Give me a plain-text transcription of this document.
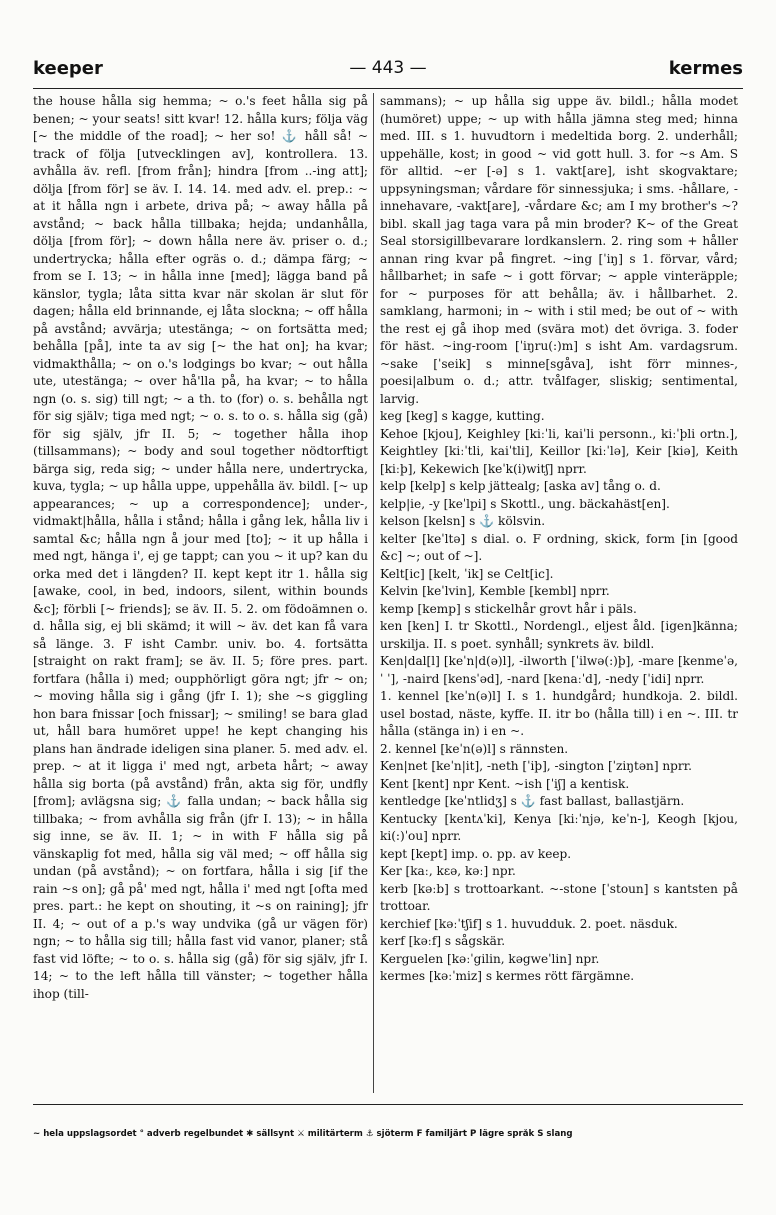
keeper	— 443 —	kermes

the house hålla sig hemma; ~ o.'s feet hålla sig på benen; ~ your seats! sitt kvar! 12. hålla kurs; följa väg [~ the middle of the road]; ~ her so! ⚓ håll så! ~ track of följa [utvecklingen av], kontrollera. 13. avhålla äv. refl. [from från]; hindra [from ..-ing att]; dölja [from för] se äv. I. 14. 14. med adv. el. prep.: ~ at it hålla ngn i arbete, driva på; ~ away hålla på avstånd; ~ back hålla tillbaka; hejda; undanhålla, dölja [from för]; ~ down hålla nere äv. priser o. d.; undertrycka; hålla efter ogräs o. d.; dämpa färg; ~ from se I. 13; ~ in hålla inne [med]; lägga band på känslor, tygla; låta sitta kvar när skolan är slut för dagen; hålla eld brinnande, ej låta slockna; ~ off hålla på avstånd; avvärja; utestänga; ~ on fortsätta med; behålla [på], inte ta av sig [~ the hat on]; ha kvar; vidmakthålla; ~ on o.'s lodgings bo kvar; ~ out hålla ute, utestänga; ~ over hå'lla på, ha kvar; ~ to hålla ngn (o. s. sig) till ngt; ~ a th. to (for) o. s. behålla ngt för sig själv; tiga med ngt; ~ o. s. to o. s. hålla sig (gå) för sig själv, jfr II. 5; ~ together hålla ihop (tillsammans); ~ body and soul together nödtorftigt bärga sig, reda sig; ~ under hålla nere, undertrycka, kuva, tygla; ~ up hålla uppe, uppehålla äv. bildl. [~ up appearances; ~ up a correspondence]; under-, vidmakt|hålla, hålla i stånd; hålla i gång lek, hålla liv i samtal &c; hålla ngn å jour med [to]; ~ it up hålla i med ngt, hänga i', ej ge tappt; can you ~ it up? kan du orka med det i längden? II. kept kept itr 1. hålla sig [awake, cool, in bed, indoors, silent, within bounds &c]; förbli [~ friends]; se äv. II. 5. 2. om födoämnen o. d. hålla sig, ej bli skämd; it will ~ äv. det kan få vara så länge. 3. F isht Cambr. univ. bo. 4. fortsätta [straight on rakt fram]; se äv. II. 5; före pres. part. fortfara (hålla i) med; oupphörligt göra ngt; jfr ~ on; ~ moving hålla sig i gång (jfr I. 1); she ~s giggling hon bara fnissar [och fnissar]; ~ smiling! se bara glad ut, håll bara humöret uppe! he kept changing his plans han ändrade ideligen sina planer. 5. med adv. el. prep. ~ at it ligga i' med ngt, arbeta hårt; ~ away hålla sig borta (på avstånd) från, akta sig för, undfly [from]; avlägsna sig; ⚓ falla undan; ~ back hålla sig tillbaka; ~ from avhålla sig från (jfr I. 13); ~ in hålla sig inne, se äv. II. 1; ~ in with F hålla sig på vänskaplig fot med, hålla sig väl med; ~ off hålla sig undan (på avstånd); ~ on fortfara, hålla i sig [if the rain ~s on]; gå på' med ngt, hålla i' med ngt [ofta med pres. part.: he kept on shouting, it ~s on raining]; jfr II. 4; ~ out of a p.'s way undvika (gå ur vägen för) ngn; ~ to hålla sig till; hålla fast vid vanor, planer; stå fast vid löfte; ~ to o. s. hålla sig (gå) för sig själv, jfr I. 14; ~ to the left hålla till vänster; ~ together hålla ihop (till-

sammans); ~ up hålla sig uppe äv. bildl.; hålla modet (humöret) uppe; ~ up with hålla jämna steg med; hinna med. III. s 1. huvudtorn i medeltida borg. 2. underhåll; uppehälle, kost; in good ~ vid gott hull. 3. for ~s Am. S för alltid. ~er [-ə] s 1. vakt[are], isht skogvaktare; uppsyningsman; vårdare för sinnessjuka; i sms. -hållare, -innehavare, -vakt[are], -vårdare &c; am I my brother's ~? bibl. skall jag taga vara på min broder? K~ of the Great Seal storsigillbevarare lordkanslern. 2. ring som + håller annan ring kvar på fingret. ~ing [ˈiŋ] s 1. förvar, vård; hållbarhet; in safe ~ i gott förvar; ~ apple vinteräpple; for ~ purposes för att behålla; äv. i hållbarhet. 2. samklang, harmoni; in ~ with i stil med; be out of ~ with the rest ej gå ihop med (svära mot) det övriga. 3. foder för häst. ~ing-room [ˈiŋru(:)m] s isht Am. vardagsrum. ~sake [ˈseik] s minne[sgåva], isht förr minnes-, poesi|album o. d.; attr. tvålfager, sliskig; sentimental, larvig.

keg [keg] s kagge, kutting.

Kehoe [kjou], Keighley [kiːˈli, kaiˈli personn., kiːˈþli ortn.], Keightley [kiːˈtli, kaiˈtli], Keillor [kiːˈlə], Keir [kiə], Keith [kiːþ], Kekewich [keˈk(i)witʃ] nprr.

kelp [kelp] s kelp jättealg; [aska av] tång o. d.

kelp|ie, -y [keˈlpi] s Skottl., ung. bäckahäst[en].

kelson [kelsn] s ⚓ kölsvin.

kelter [keˈltə] s dial. o. F ordning, skick, form [in [good &c] ~; out of ~].

Kelt[ic] [kelt, ˈik] se Celt[ic].

Kelvin [keˈlvin], Kemble [kembl] nprr.

kemp [kemp] s stickelhår grovt hår i päls.

ken [ken] I. tr Skottl., Nordengl., eljest åld. [igen]känna; urskilja. II. s poet. synhåll; synkrets äv. bildl.

Ken|dal[l] [keˈn|d(ə)l], -ilworth [ˈilwə(:)þ], -mare [kenmeˈə, ˈ ˈ], -naird [kensˈəd], -nard [kenaːˈd], -nedy [ˈidi] nprr.

1. kennel [keˈn(ə)l] I. s 1. hundgård; hundkoja. 2. bildl. usel bostad, näste, kyffe. II. itr bo (hålla till) i en ~. III. tr hålla (stänga in) i en ~.

2. kennel [keˈn(ə)l] s rännsten.

Ken|net [keˈn|it], -neth [ˈiþ], -sington [ˈziŋtən] nprr.

Kent [kent] npr Kent. ~ish [ˈiʃ] a kentisk.

kentledge [keˈntlidʒ] s ⚓ fast ballast, ballastjärn.

Kentucky [kentʌˈki], Kenya [kiːˈnjə, keˈn-], Keogh [kjou, ki(:)ˈou] nprr.

kept [kept] imp. o. pp. av keep.

Ker [kaː, kɛə, kəː] npr.

kerb [kəːb] s trottoarkant. ~-stone [ˈstoun] s kantsten på trottoar.

kerchief [kəːˈtʃif] s 1. huvudduk. 2. poet. näsduk.

kerf [kəːf] s sågskär.

Kerguelen [kəːˈgilin, kəgweˈlin] npr.

kermes [kəːˈmiz] s kermes rött färgämne.

~ hela uppslagsordet ° adverb regelbundet ✱ sällsynt ⚔ militärterm ⚓ sjöterm F familjärt P lägre språk S slang
